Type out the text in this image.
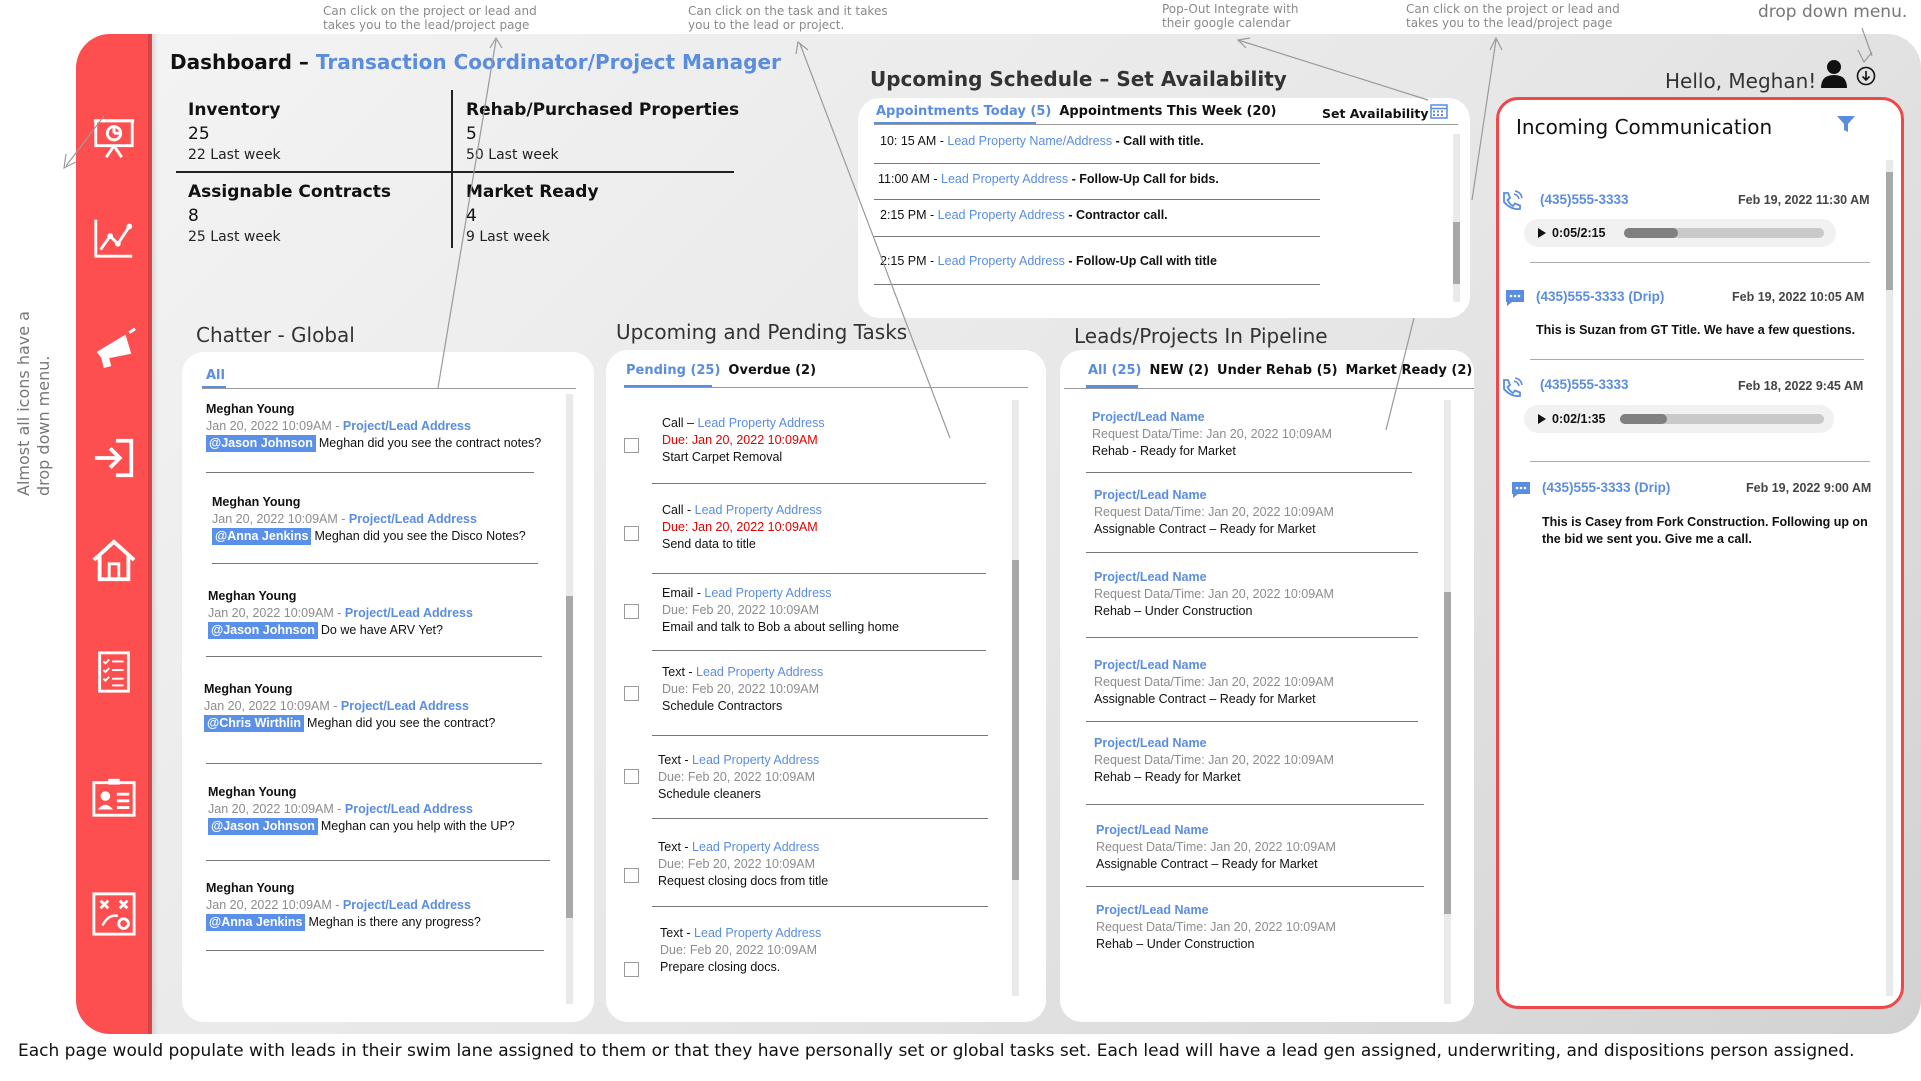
Can click on the project or lead and
takes you to the lead/project page
Can click on the task and it takes
you to the lead or project.
Pop-Out Integrate with
their google calendar
Can click on the project or lead and
takes you to the lead/project page
drop down menu.
Almost all icons have a drop down menu.
Dashboard – Transaction Coordinator/Project Manager
Inventory
25
22 Last week
Rehab/Purchased Properties
5
50 Last week
Assignable Contracts
8
25 Last week
Market Ready
4
9 Last week
Upcoming Schedule – Set Availability
Appointments Today (5) Appointments This Week (20)	Set Availability
10: 15 AM - Lead Property Name/Address - Call with title.
11:00 AM - Lead Property Address - Follow-Up Call for bids.
2:15 PM - Lead Property Address - Contractor call.
2:15 PM - Lead Property Address - Follow-Up Call with title
Hello, Meghan!
Chatter - Global
All
Meghan Young
Jan 20, 2022 10:09AM - Project/Lead Address
@Jason Johnson Meghan did you see the contract notes?
Meghan Young
Jan 20, 2022 10:09AM - Project/Lead Address
@Anna Jenkins Meghan did you see the Disco Notes?
Meghan Young
Jan 20, 2022 10:09AM - Project/Lead Address
@Jason Johnson Do we have ARV Yet?
Meghan Young
Jan 20, 2022 10:09AM - Project/Lead Address
@Chris Wirthlin Meghan did you see the contract?
Meghan Young
Jan 20, 2022 10:09AM - Project/Lead Address
@Jason Johnson Meghan can you help with the UP?
Meghan Young
Jan 20, 2022 10:09AM - Project/Lead Address
@Anna Jenkins Meghan is there any progress?
Upcoming and Pending Tasks
Pending (25) Overdue (2)
Call – Lead Property Address
Due: Jan 20, 2022 10:09AM
Start Carpet Removal
Call - Lead Property Address
Due: Jan 20, 2022 10:09AM
Send data to title
Email - Lead Property Address
Due: Feb 20, 2022 10:09AM
Email and talk to Bob a about selling home
Text - Lead Property Address
Due: Feb 20, 2022 10:09AM
Schedule Contractors
Text - Lead Property Address
Due: Feb 20, 2022 10:09AM
Schedule cleaners
Text - Lead Property Address
Due: Feb 20, 2022 10:09AM
Request closing docs from title
Text - Lead Property Address
Due: Feb 20, 2022 10:09AM
Prepare closing docs.
Leads/Projects In Pipeline
All (25) NEW (2) Under Rehab (5) Market Ready (2)
Project/Lead Name
Request Data/Time: Jan 20, 2022 10:09AM
Rehab - Ready for Market
Project/Lead Name
Request Data/Time: Jan 20, 2022 10:09AM
Assignable Contract – Ready for Market
Project/Lead Name
Request Data/Time: Jan 20, 2022 10:09AM
Rehab – Under Construction
Project/Lead Name
Request Data/Time: Jan 20, 2022 10:09AM
Assignable Contract – Ready for Market
Project/Lead Name
Request Data/Time: Jan 20, 2022 10:09AM
Rehab – Ready for Market
Project/Lead Name
Request Data/Time: Jan 20, 2022 10:09AM
Assignable Contract – Ready for Market
Project/Lead Name
Request Data/Time: Jan 20, 2022 10:09AM
Rehab – Under Construction
Incoming Communication
(435)555-3333	Feb 19, 2022 11:30 AM
0:05/2:15
(435)555-3333 (Drip)	Feb 19, 2022 10:05 AM
This is Suzan from GT Title. We have a few questions.
(435)555-3333	Feb 18, 2022 9:45 AM
0:02/1:35
(435)555-3333 (Drip)	Feb 19, 2022 9:00 AM
This is Casey from Fork Construction. Following up on the bid we sent you. Give me a call.
Each page would populate with leads in their swim lane assigned to them or that they have personally set or global tasks set. Each lead will have a lead gen assigned, underwriting, and dispositions person assigned.
